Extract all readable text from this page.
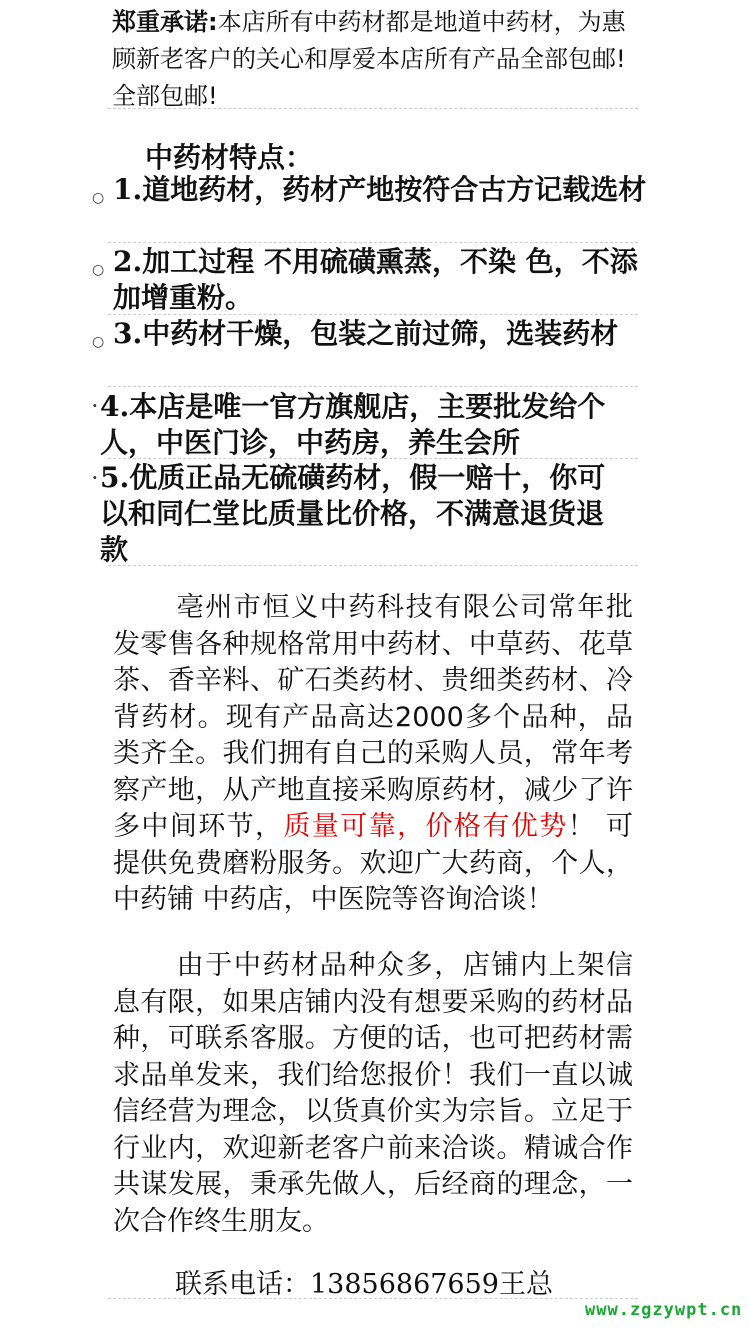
郑重承诺:本店所有中药材都是地道中药材，为惠顾新老客户的关心和厚爱本店所有产品全部包邮!
全部包邮!
中药材特点：
○ 1.道地药材，药材产地按符合古方记载选材
○ 2.加工过程 不用硫磺熏蒸，不染 色，不添加增重粉。
○ 3.中药材干燥，包装之前过筛，选装药材
· 4.本店是唯一官方旗舰店，主要批发给个人，中医门诊，中药房，养生会所
· 5.优质正品无硫磺药材，假一赔十，你可以和同仁堂比质量比价格，不满意退货退款
亳州市恒义中药科技有限公司常年批发零售各种规格常用中药材、中草药、花草茶、香辛料、矿石类药材、贵细类药材、冷背药材。现有产品高达2000多个品种，品类齐全。我们拥有自己的采购人员，常年考察产地，从产地直接采购原药材，减少了许多中间环节，质量可靠，价格有优势！ 可提供免费磨粉服务。欢迎广大药商，个人，中药铺 中药店，中医院等咨询洽谈！
由于中药材品种众多，店铺内上架信息有限，如果店铺内没有想要采购的药材品种，可联系客服。方便的话，也可把药材需求品单发来，我们给您报价！我们一直以诚信经营为理念，以货真价实为宗旨。立足于行业内，欢迎新老客户前来洽谈。精诚合作共谋发展，秉承先做人，后经商的理念，一次合作终生朋友。
联系电话：13856867659王总
www.zgzywpt.cn
